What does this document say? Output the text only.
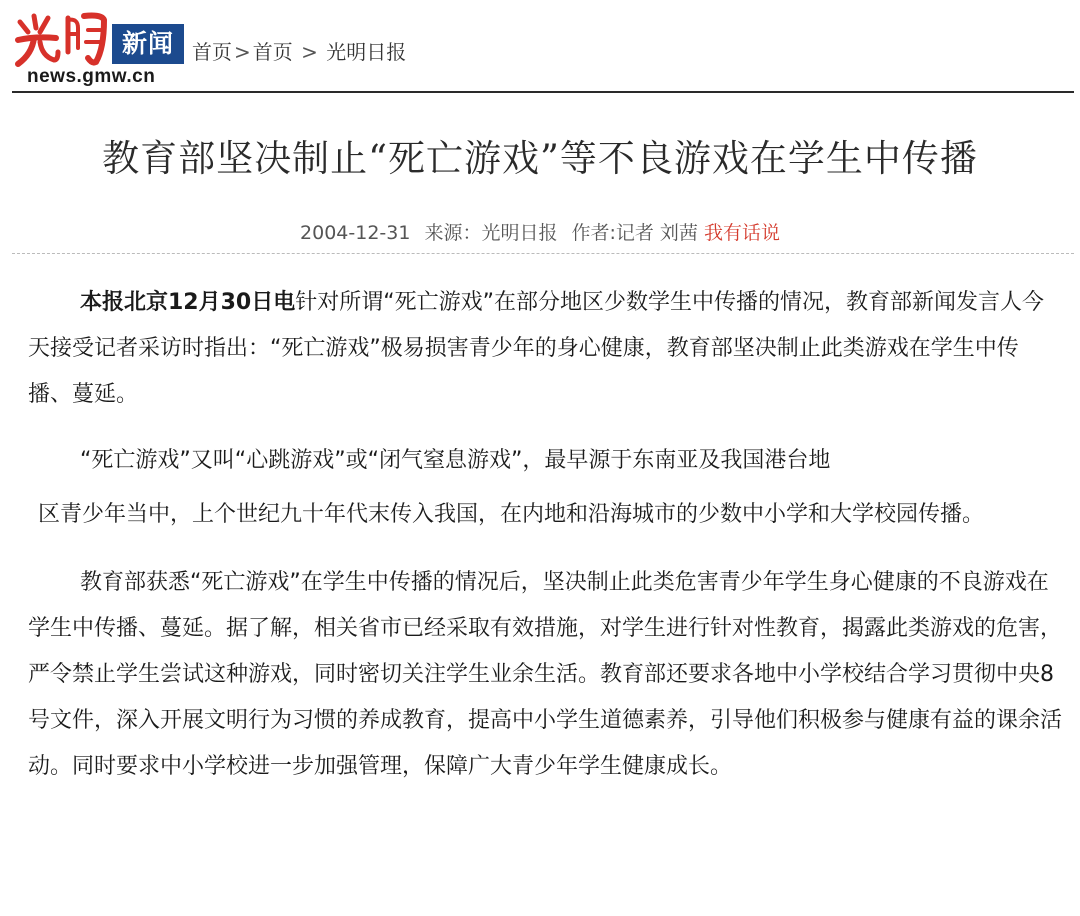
新闻
news.gmw.cn
首页 > 首页 > 光明日报
教育部坚决制止“死亡游戏”等不良游戏在学生中传播
2004-12-31 来源：光明日报 作者:记者 刘茜 我有话说

本报北京12月30日电针对所谓“死亡游戏”在部分地区少数学生中传播的情况，教育部新闻发言人今天接受记者采访时指出：“死亡游戏”极易损害青少年的身心健康，教育部坚决制止此类游戏在学生中传播、蔓延。

“死亡游戏”又叫“心跳游戏”或“闭气窒息游戏”，最早源于东南亚及我国港台地

区青少年当中，上个世纪九十年代末传入我国，在内地和沿海城市的少数中小学和大学校园传播。

教育部获悉“死亡游戏”在学生中传播的情况后，坚决制止此类危害青少年学生身心健康的不良游戏在学生中传播、蔓延。据了解，相关省市已经采取有效措施，对学生进行针对性教育，揭露此类游戏的危害，严令禁止学生尝试这种游戏，同时密切关注学生业余生活。教育部还要求各地中小学校结合学习贯彻中央8号文件，深入开展文明行为习惯的养成教育，提高中小学生道德素养，引导他们积极参与健康有益的课余活动。同时要求中小学校进一步加强管理，保障广大青少年学生健康成长。
